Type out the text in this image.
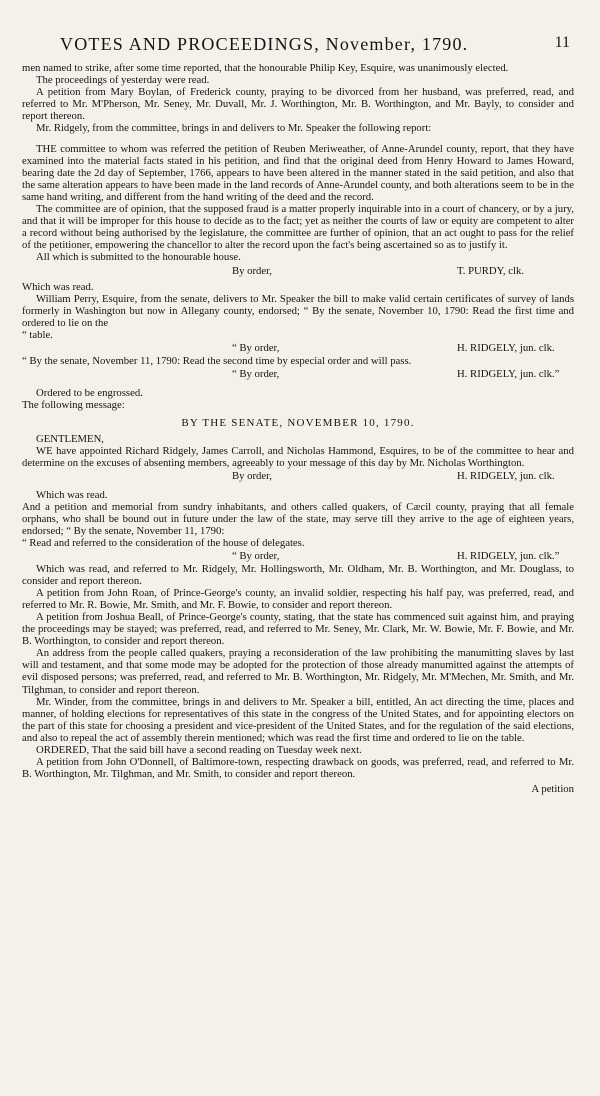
VOTES AND PROCEEDINGS, November, 1790.	11

men named to strike, after some time reported, that the honourable Philip Key, Esquire, was unanimously elected.

The proceedings of yesterday were read.

A petition from Mary Boylan, of Frederick county, praying to be divorced from her husband, was preferred, read, and referred to Mr. M'Pherson, Mr. Seney, Mr. Duvall, Mr. J. Worthington, Mr. B. Worthington, and Mr. Bayly, to consider and report thereon.

Mr. Ridgely, from the committee, brings in and delivers to Mr. Speaker the following report:

THE committee to whom was referred the petition of Reuben Meriweather, of Anne-Arundel county, report, that they have examined into the material facts stated in his petition, and find that the original deed from Henry Howard to James Howard, bearing date the 2d day of September, 1766, appears to have been altered in the manner stated in the said petition, and also that the same alteration appears to have been made in the land records of Anne-Arundel county, and both alterations seem to be in the same hand writing, and different from the hand writing of the deed and the record.

The committee are of opinion, that the supposed fraud is a matter properly inquirable into in a court of chancery, or by a jury, and that it will be improper for this house to decide as to the fact; yet as neither the courts of law or equity are competent to alter a record without being authorised by the legislature, the committee are further of opinion, that an act ought to pass for the relief of the petitioner, empowering the chancellor to alter the record upon the fact's being ascertained so as to justify it.

All which is submitted to the honourable house.

By order,	T. PURDY, clk.

Which was read.

William Perry, Esquire, from the senate, delivers to Mr. Speaker the bill to make valid certain certificates of survey of lands formerly in Washington but now in Allegany county, endorsed; “ By the senate, November 10, 1790: Read the first time and ordered to lie on the

“ table.

“ By order,	H. RIDGELY, jun. clk.

“ By the senate, November 11, 1790: Read the second time by especial order and will pass.

“ By order,	H. RIDGELY, jun. clk.”

Ordered to be engrossed.

The following message:

BY THE SENATE, NOVEMBER 10, 1790.

GENTLEMEN,

WE have appointed Richard Ridgely, James Carroll, and Nicholas Hammond, Esquires, to be of the committee to hear and determine on the excuses of absenting members, agreeably to your message of this day by Mr. Nicholas Worthington.

By order,	H. RIDGELY, jun. clk.

Which was read.

And a petition and memorial from sundry inhabitants, and others called quakers, of Cæcil county, praying that all female orphans, who shall be bound out in future under the law of the state, may serve till they arrive to the age of eighteen years, endorsed; “ By the senate, November 11, 1790:

“ Read and referred to the consideration of the house of delegates.

“ By order,	H. RIDGELY, jun. clk.”

Which was read, and referred to Mr. Ridgely, Mr. Hollingsworth, Mr. Oldham, Mr. B. Worthington, and Mr. Douglass, to consider and report thereon.

A petition from John Roan, of Prince-George's county, an invalid soldier, respecting his half pay, was preferred, read, and referred to Mr. R. Bowie, Mr. Smith, and Mr. F. Bowie, to consider and report thereon.

A petition from Joshua Beall, of Prince-George's county, stating, that the state has commenced suit against him, and praying the proceedings may be stayed; was preferred, read, and referred to Mr. Seney, Mr. Clark, Mr. W. Bowie, Mr. F. Bowie, and Mr. B. Worthington, to consider and report thereon.

An address from the people called quakers, praying a reconsideration of the law prohibiting the manumitting slaves by last will and testament, and that some mode may be adopted for the protection of those already manumitted against the attempts of evil disposed persons; was preferred, read, and referred to Mr. B. Worthington, Mr. Ridgely, Mr. M'Mechen, Mr. Smith, and Mr. Tilghman, to consider and report thereon.

Mr. Winder, from the committee, brings in and delivers to Mr. Speaker a bill, entitled, An act directing the time, places and manner, of holding elections for representatives of this state in the congress of the United States, and for appointing electors on the part of this state for choosing a president and vice-president of the United States, and for the regulation of the said elections, and also to repeal the act of assembly therein mentioned; which was read the first time and ordered to lie on the table.

ORDERED, That the said bill have a second reading on Tuesday week next.

A petition from John O'Donnell, of Baltimore-town, respecting drawback on goods, was preferred, read, and referred to Mr. B. Worthington, Mr. Tilghman, and Mr. Smith, to consider and report thereon.

A petition
